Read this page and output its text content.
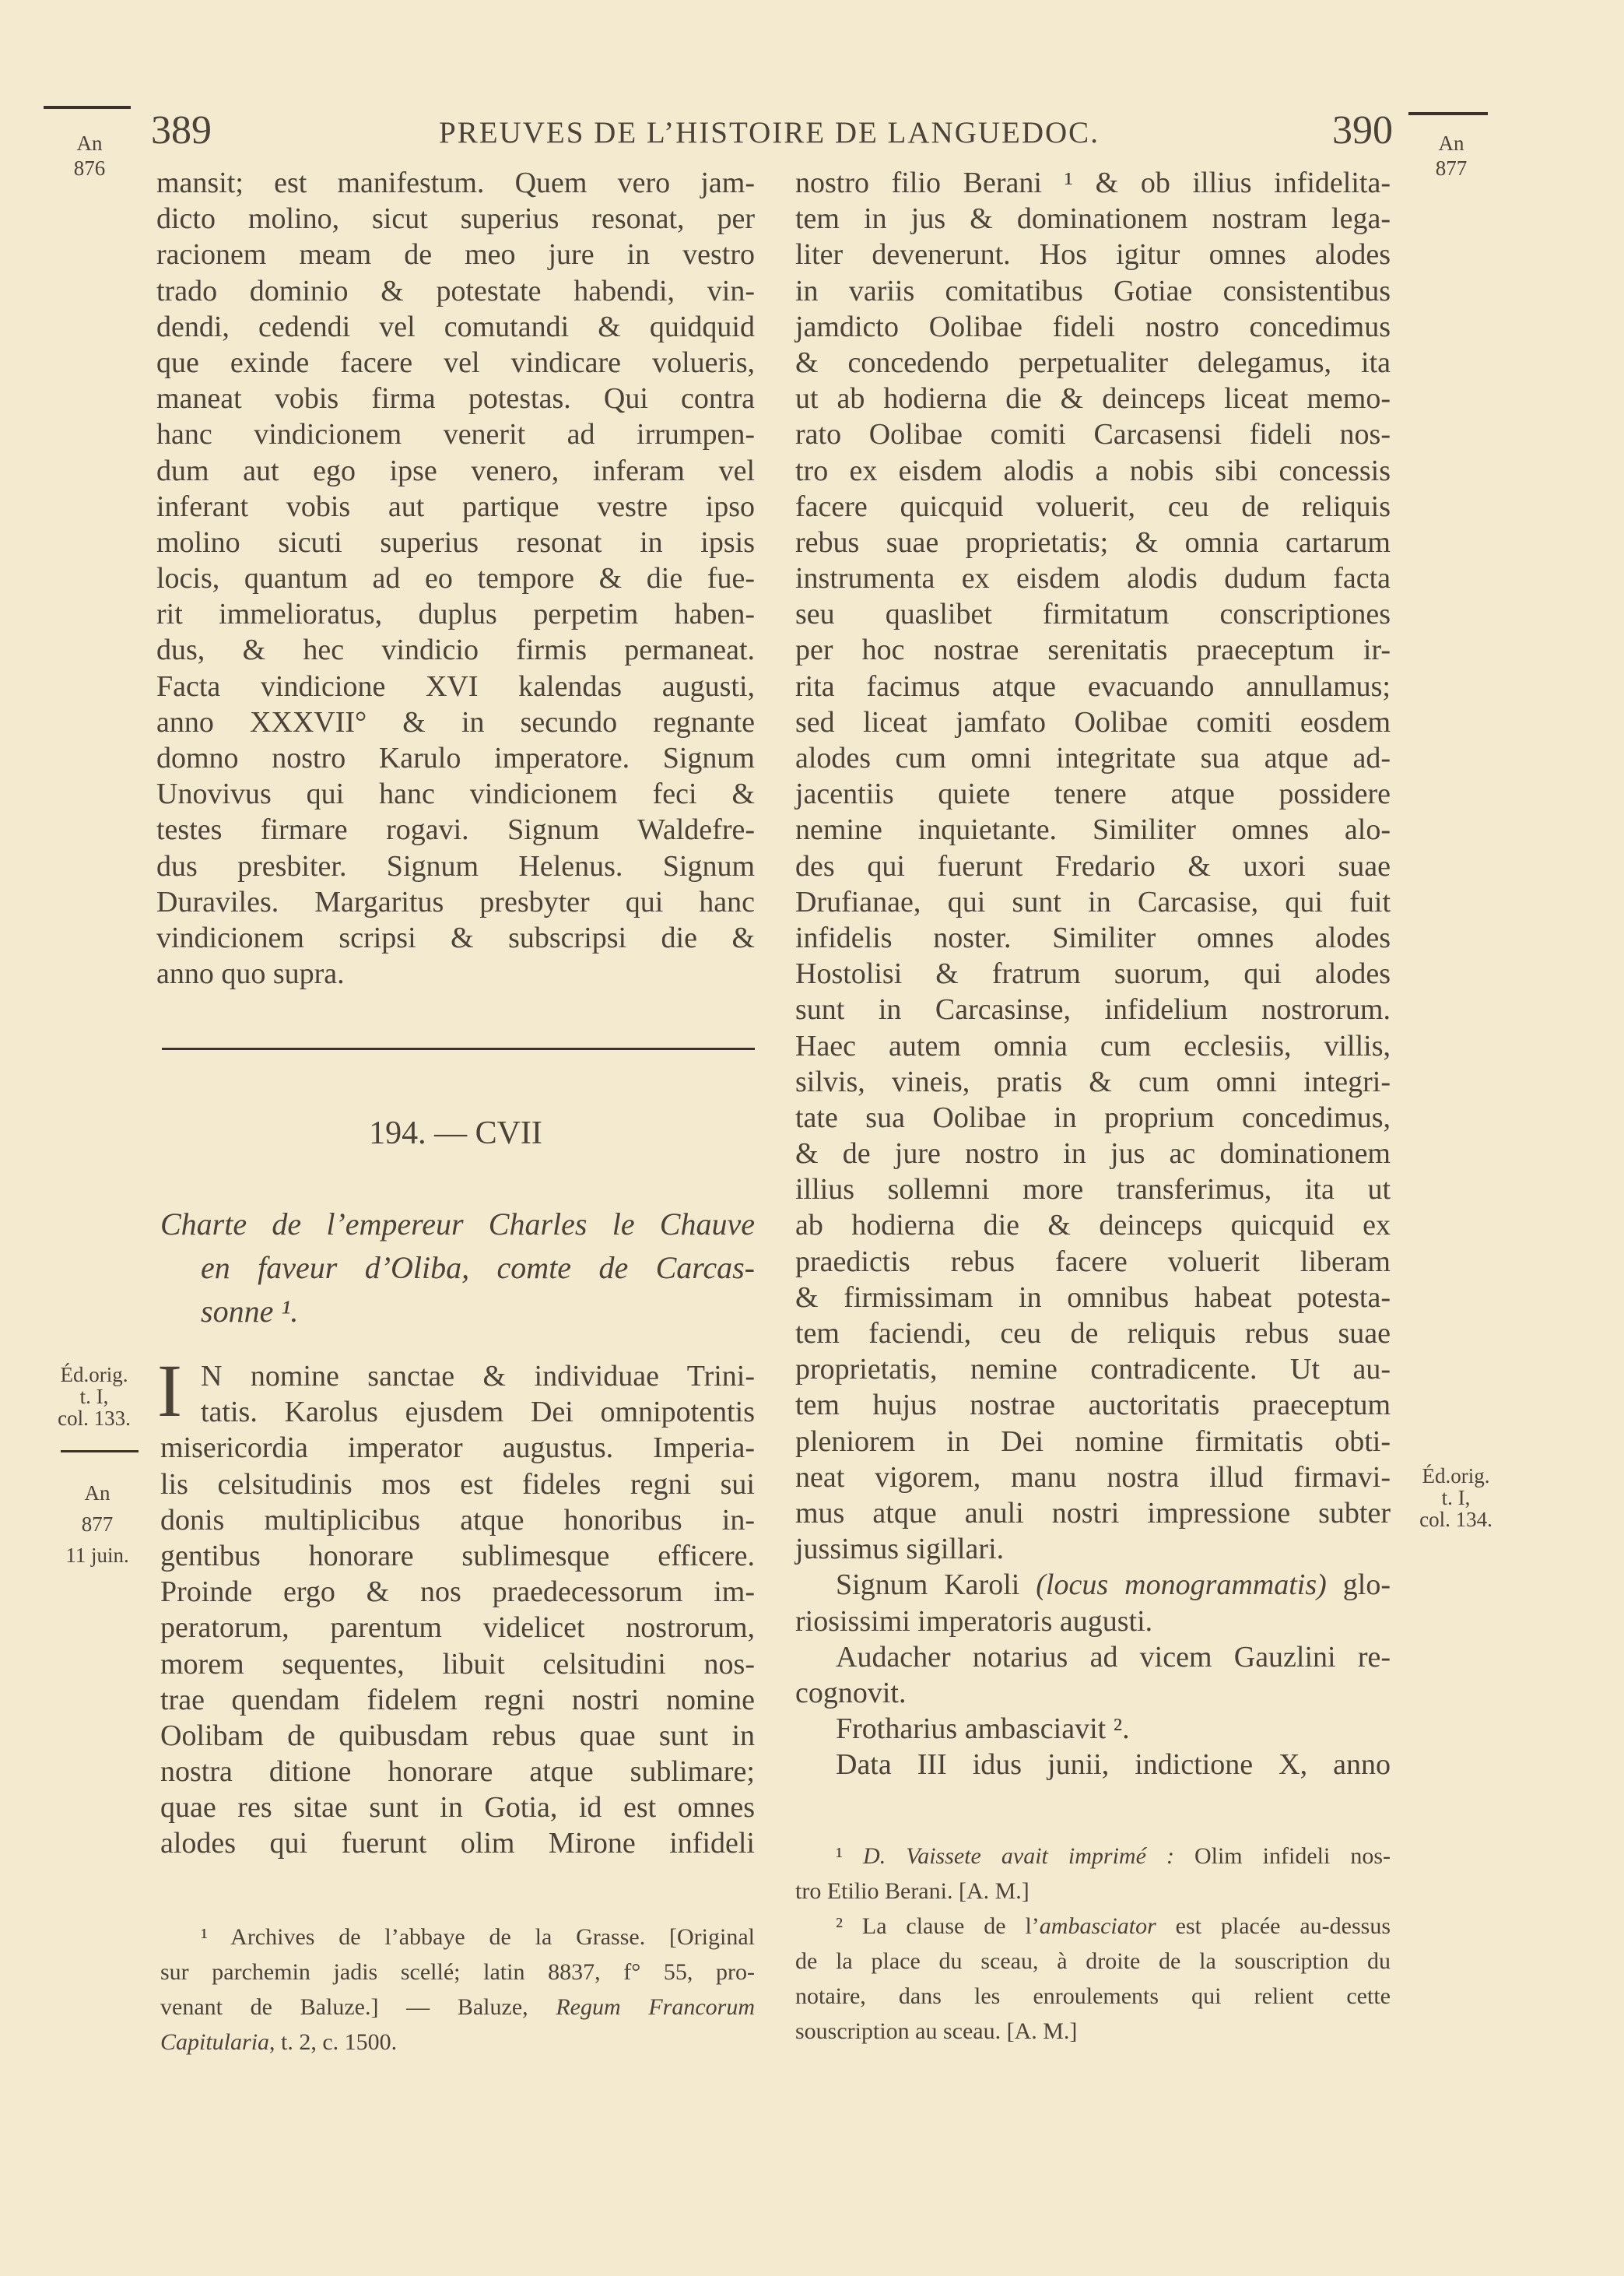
389	PREUVES DE L’HISTOIRE DE LANGUEDOC.	390
An
876
An
877
Éd.orig.
t. I,
col. 133.
An
877
11 juin.
Éd.orig.
t. I,
col. 134.
mansit; est manifestum. Quem vero jam-
dicto molino, sicut superius resonat, per
racionem meam de meo jure in vestro
trado dominio & potestate habendi, vin-
dendi, cedendi vel comutandi & quidquid
que exinde facere vel vindicare volueris,
maneat vobis firma potestas. Qui contra
hanc vindicionem venerit ad irrumpen-
dum aut ego ipse venero, inferam vel
inferant vobis aut partique vestre ipso
molino sicuti superius resonat in ipsis
locis, quantum ad eo tempore & die fue-
rit immelioratus, duplus perpetim haben-
dus, & hec vindicio firmis permaneat.
Facta vindicione XVI kalendas augusti,
anno XXXVII° & in secundo regnante
domno nostro Karulo imperatore. Signum
Unovivus qui hanc vindicionem feci &
testes firmare rogavi. Signum Waldefre-
dus presbiter. Signum Helenus. Signum
Duraviles. Margaritus presbyter qui hanc
vindicionem scripsi & subscripsi die &
anno quo supra.
194. — CVII
Charte de l’empereur Charles le Chauve
en faveur d’Oliba, comte de Carcas-
sonne ¹.
I N nomine sanctae & individuae Trini-
tatis. Karolus ejusdem Dei omnipotentis
misericordia imperator augustus. Imperia-
lis celsitudinis mos est fideles regni sui
donis multiplicibus atque honoribus in-
gentibus honorare sublimesque efficere.
Proinde ergo & nos praedecessorum im-
peratorum, parentum videlicet nostrorum,
morem sequentes, libuit celsitudini nos-
trae quendam fidelem regni nostri nomine
Oolibam de quibusdam rebus quae sunt in
nostra ditione honorare atque sublimare;
quae res sitae sunt in Gotia, id est omnes
alodes qui fuerunt olim Mirone infideli
¹ Archives de l’abbaye de la Grasse. [Original
sur parchemin jadis scellé; latin 8837, f° 55, pro-
venant de Baluze.] — Baluze, Regum Francorum
Capitularia, t. 2, c. 1500.
nostro filio Berani ¹ & ob illius infidelita-
tem in jus & dominationem nostram lega-
liter devenerunt. Hos igitur omnes alodes
in variis comitatibus Gotiae consistentibus
jamdicto Oolibae fideli nostro concedimus
& concedendo perpetualiter delegamus, ita
ut ab hodierna die & deinceps liceat memo-
rato Oolibae comiti Carcasensi fideli nos-
tro ex eisdem alodis a nobis sibi concessis
facere quicquid voluerit, ceu de reliquis
rebus suae proprietatis; & omnia cartarum
instrumenta ex eisdem alodis dudum facta
seu quaslibet firmitatum conscriptiones
per hoc nostrae serenitatis praeceptum ir-
rita facimus atque evacuando annullamus;
sed liceat jamfato Oolibae comiti eosdem
alodes cum omni integritate sua atque ad-
jacentiis quiete tenere atque possidere
nemine inquietante. Similiter omnes alo-
des qui fuerunt Fredario & uxori suae
Drufianae, qui sunt in Carcasise, qui fuit
infidelis noster. Similiter omnes alodes
Hostolisi & fratrum suorum, qui alodes
sunt in Carcasinse, infidelium nostrorum.
Haec autem omnia cum ecclesiis, villis,
silvis, vineis, pratis & cum omni integri-
tate sua Oolibae in proprium concedimus,
& de jure nostro in jus ac dominationem
illius sollemni more transferimus, ita ut
ab hodierna die & deinceps quicquid ex
praedictis rebus facere voluerit liberam
& firmissimam in omnibus habeat potesta-
tem faciendi, ceu de reliquis rebus suae
proprietatis, nemine contradicente. Ut au-
tem hujus nostrae auctoritatis praeceptum
pleniorem in Dei nomine firmitatis obti-
neat vigorem, manu nostra illud firmavi-
mus atque anuli nostri impressione subter
jussimus sigillari.
Signum Karoli (locus monogrammatis) glo-
riosissimi imperatoris augusti.
Audacher notarius ad vicem Gauzlini re-
cognovit.
Frotharius ambasciavit ².
Data III idus junii, indictione X, anno
¹ D. Vaissete avait imprimé : Olim infideli nos-
tro Etilio Berani. [A. M.]
² La clause de l’ambasciator est placée au-dessus
de la place du sceau, à droite de la souscription du
notaire, dans les enroulements qui relient cette
souscription au sceau. [A. M.]
